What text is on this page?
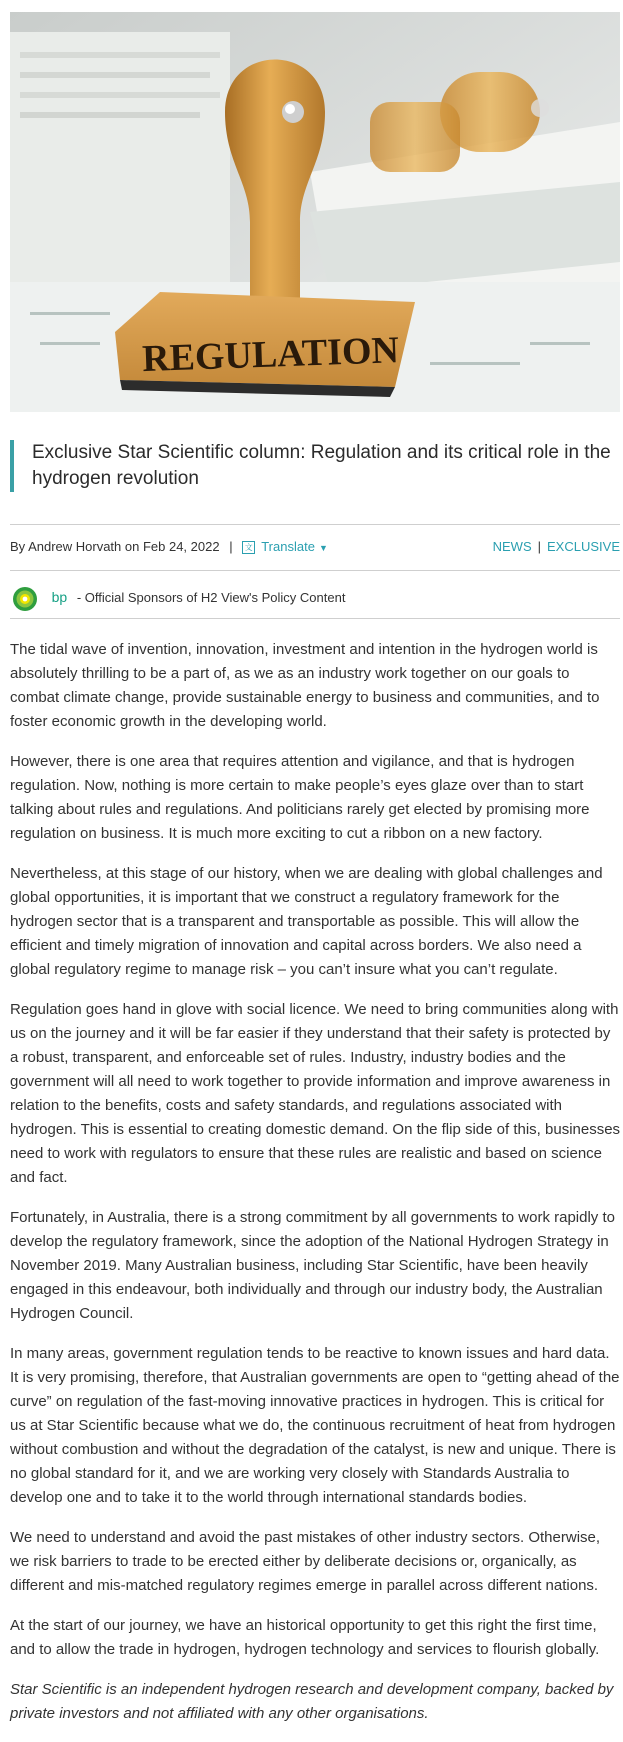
REGULATION
Exclusive Star Scientific column: Regulation and its critical role in the hydrogen revolution
By Andrew Horvath on Feb 24, 2022 | 文 Translate ▼	NEWS | EXCLUSIVE
bp - Official Sponsors of H2 View's Policy Content

The tidal wave of invention, innovation, investment and intention in the hydrogen world is absolutely thrilling to be a part of, as we as an industry work together on our goals to combat climate change, provide sustainable energy to business and communities, and to foster economic growth in the developing world.

However, there is one area that requires attention and vigilance, and that is hydrogen regulation. Now, nothing is more certain to make people’s eyes glaze over than to start talking about rules and regulations. And politicians rarely get elected by promising more regulation on business. It is much more exciting to cut a ribbon on a new factory.

Nevertheless, at this stage of our history, when we are dealing with global challenges and global opportunities, it is important that we construct a regulatory framework for the hydrogen sector that is a transparent and transportable as possible. This will allow the efficient and timely migration of innovation and capital across borders. We also need a global regulatory regime to manage risk – you can’t insure what you can’t regulate.

Regulation goes hand in glove with social licence. We need to bring communities along with us on the journey and it will be far easier if they understand that their safety is protected by a robust, transparent, and enforceable set of rules. Industry, industry bodies and the government will all need to work together to provide information and improve awareness in relation to the benefits, costs and safety standards, and regulations associated with hydrogen. This is essential to creating domestic demand. On the flip side of this, businesses need to work with regulators to ensure that these rules are realistic and based on science and fact.

Fortunately, in Australia, there is a strong commitment by all governments to work rapidly to develop the regulatory framework, since the adoption of the National Hydrogen Strategy in November 2019. Many Australian business, including Star Scientific, have been heavily engaged in this endeavour, both individually and through our industry body, the Australian Hydrogen Council.

In many areas, government regulation tends to be reactive to known issues and hard data. It is very promising, therefore, that Australian governments are open to “getting ahead of the curve” on regulation of the fast-moving innovative practices in hydrogen. This is critical for us at Star Scientific because what we do, the continuous recruitment of heat from hydrogen without combustion and without the degradation of the catalyst, is new and unique. There is no global standard for it, and we are working very closely with Standards Australia to develop one and to take it to the world through international standards bodies.

We need to understand and avoid the past mistakes of other industry sectors. Otherwise, we risk barriers to trade to be erected either by deliberate decisions or, organically, as different and mis-matched regulatory regimes emerge in parallel across different nations.

At the start of our journey, we have an historical opportunity to get this right the first time, and to allow the trade in hydrogen, hydrogen technology and services to flourish globally.

Star Scientific is an independent hydrogen research and development company, backed by private investors and not affiliated with any other organisations.
